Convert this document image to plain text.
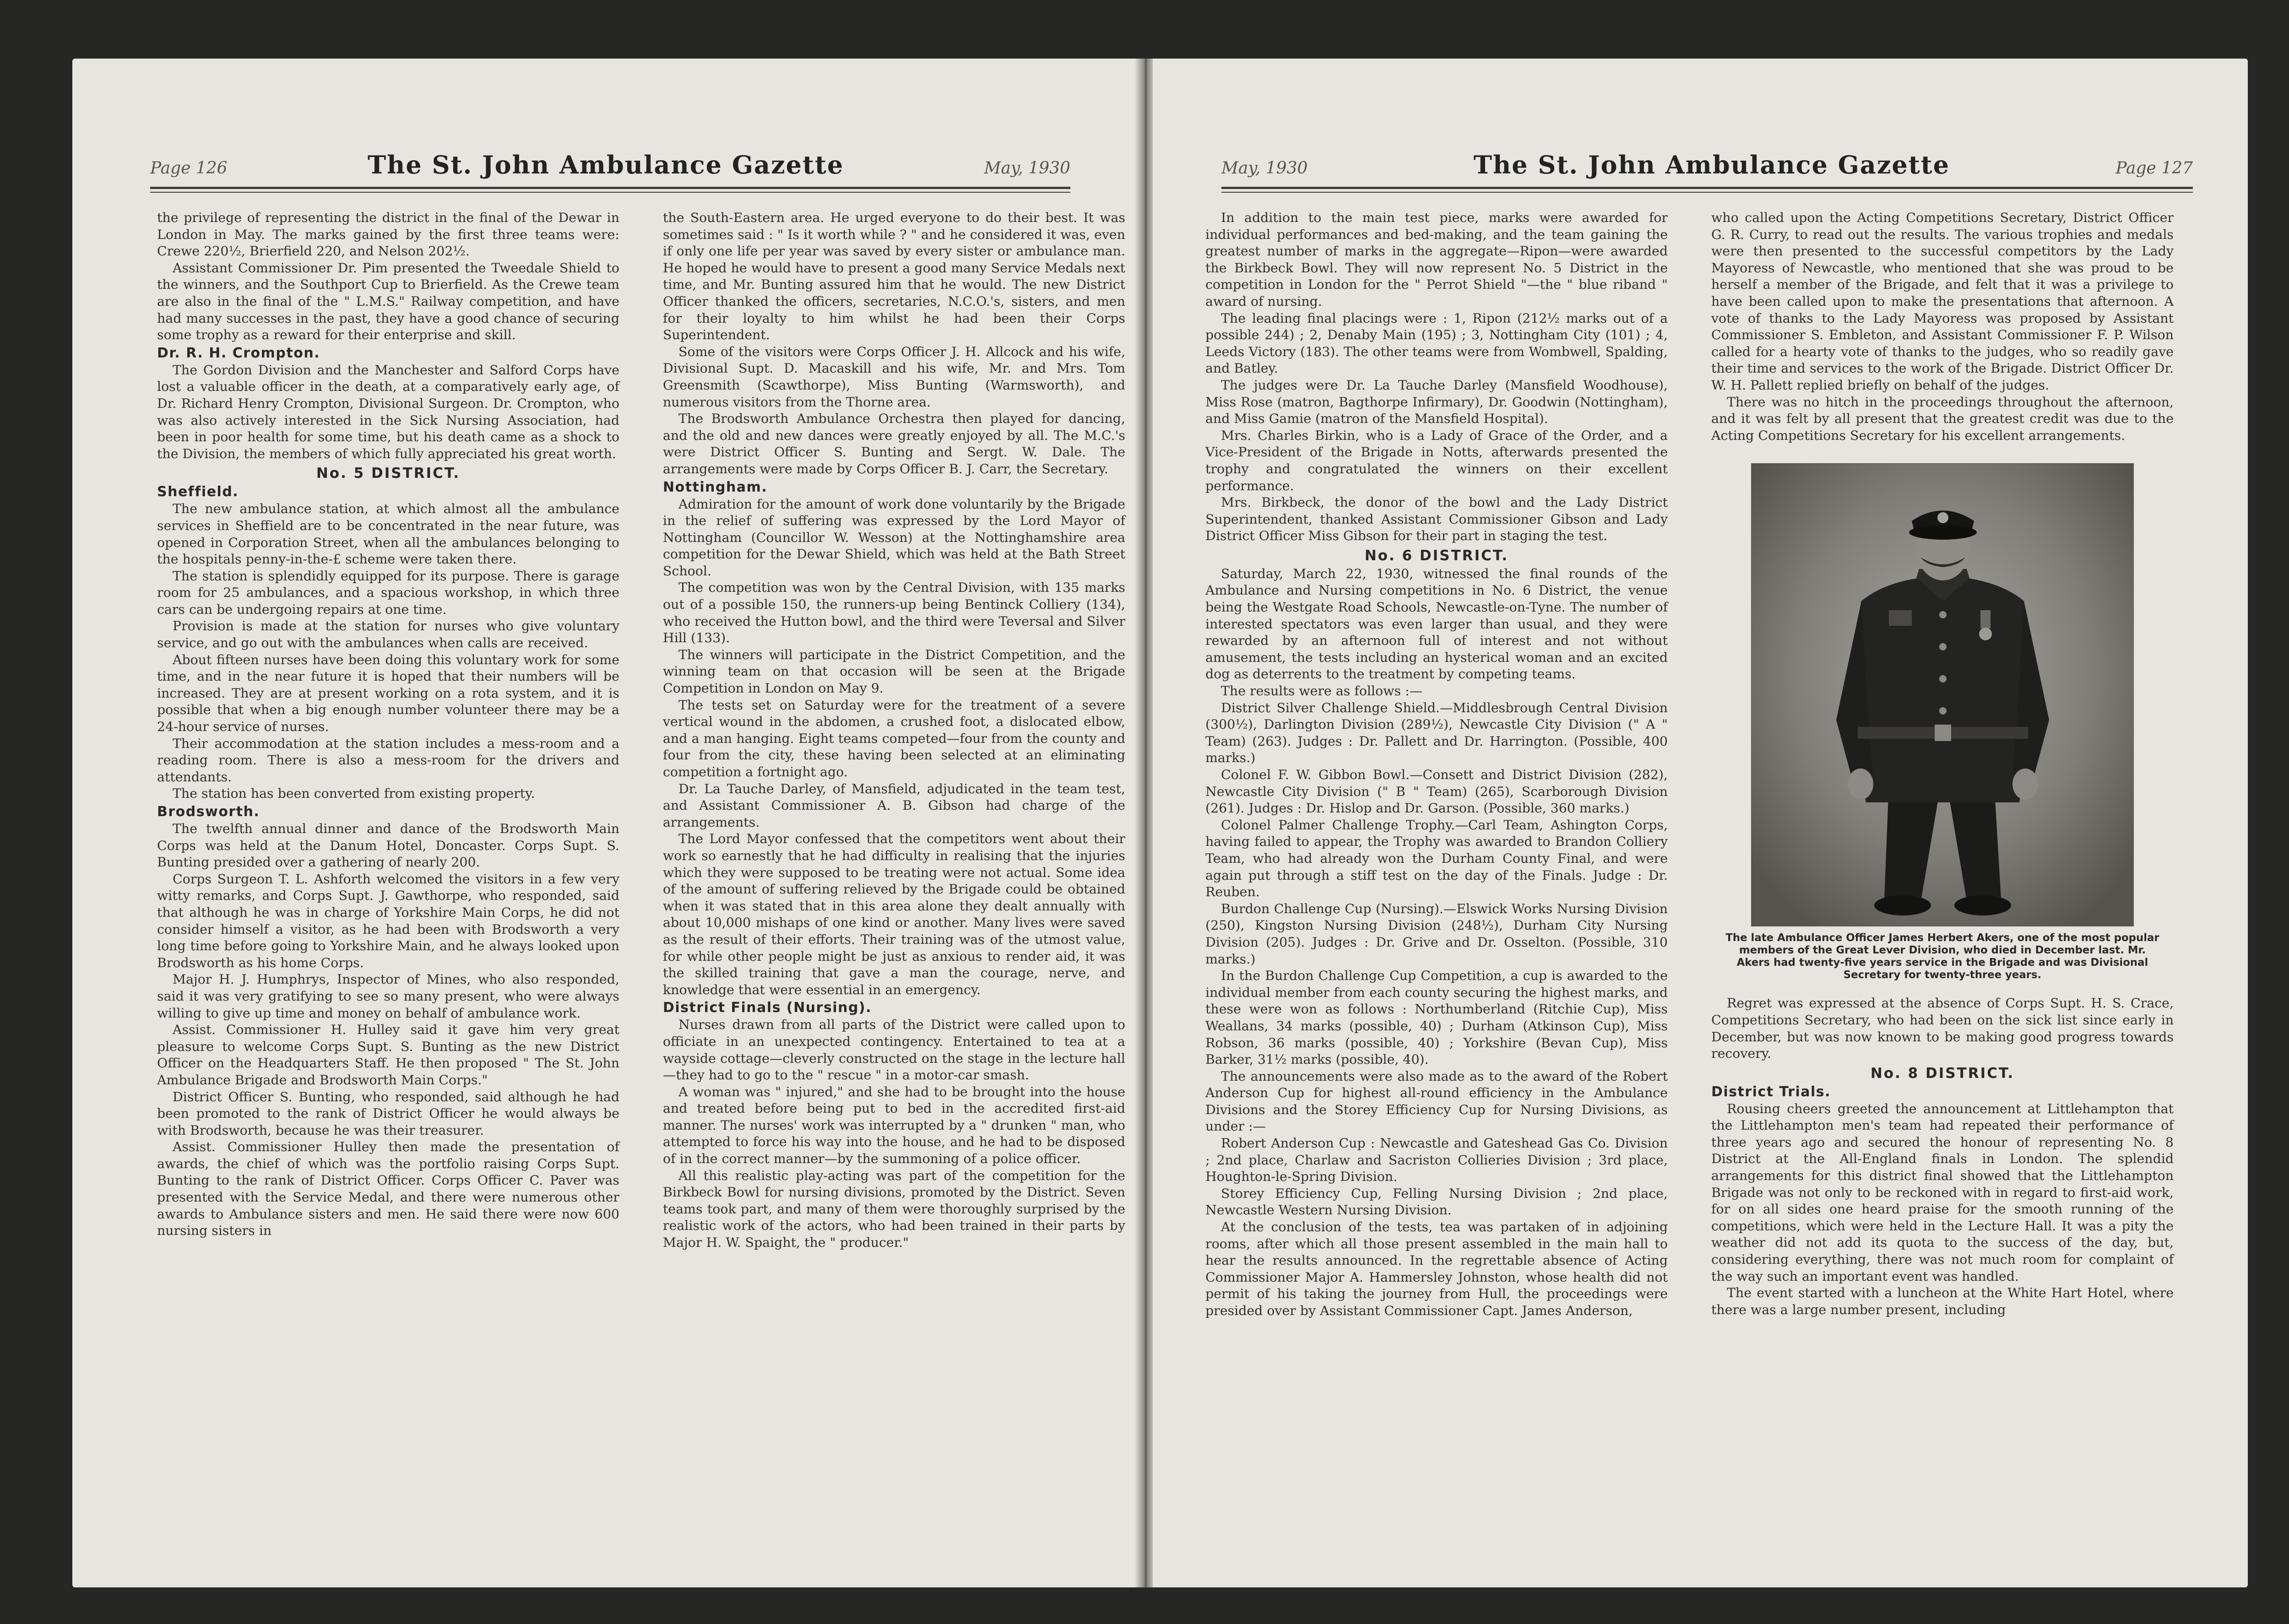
Page 126	The St. John Ambulance Gazette	May, 1930

the privilege of representing the district in the final of the Dewar in London in May. The marks gained by the first three teams were: Crewe 220½, Brierfield 220, and Nelson 202½.

Assistant Commissioner Dr. Pim presented the Tweedale Shield to the winners, and the Southport Cup to Brierfield. As the Crewe team are also in the final of the " L.M.S." Railway competition, and have had many successes in the past, they have a good chance of securing some trophy as a reward for their enterprise and skill.

Dr. R. H. Crompton.

The Gordon Division and the Manchester and Salford Corps have lost a valuable officer in the death, at a comparatively early age, of Dr. Richard Henry Crompton, Divisional Surgeon. Dr. Crompton, who was also actively interested in the Sick Nursing Association, had been in poor health for some time, but his death came as a shock to the Division, the members of which fully appreciated his great worth.

No. 5 DISTRICT.
Sheffield.

The new ambulance station, at which almost all the ambulance services in Sheffield are to be concentrated in the near future, was opened in Corporation Street, when all the ambulances belonging to the hospitals penny-in-the-£ scheme were taken there.

The station is splendidly equipped for its purpose. There is garage room for 25 ambulances, and a spacious workshop, in which three cars can be undergoing repairs at one time.

Provision is made at the station for nurses who give voluntary service, and go out with the ambulances when calls are received.

About fifteen nurses have been doing this voluntary work for some time, and in the near future it is hoped that their numbers will be increased. They are at present working on a rota system, and it is possible that when a big enough number volunteer there may be a 24-hour service of nurses.

Their accommodation at the station includes a mess-room and a reading room. There is also a mess-room for the drivers and attendants.

The station has been converted from existing property.

Brodsworth.

The twelfth annual dinner and dance of the Brodsworth Main Corps was held at the Danum Hotel, Doncaster. Corps Supt. S. Bunting presided over a gathering of nearly 200.

Corps Surgeon T. L. Ashforth welcomed the visitors in a few very witty remarks, and Corps Supt. J. Gawthorpe, who responded, said that although he was in charge of Yorkshire Main Corps, he did not consider himself a visitor, as he had been with Brodsworth a very long time before going to Yorkshire Main, and he always looked upon Brodsworth as his home Corps.

Major H. J. Humphrys, Inspector of Mines, who also responded, said it was very gratifying to see so many present, who were always willing to give up time and money on behalf of ambulance work.

Assist. Commissioner H. Hulley said it gave him very great pleasure to welcome Corps Supt. S. Bunting as the new District Officer on the Headquarters Staff. He then proposed " The St. John Ambulance Brigade and Brodsworth Main Corps."

District Officer S. Bunting, who responded, said although he had been promoted to the rank of District Officer he would always be with Brodsworth, because he was their treasurer.

Assist. Commissioner Hulley then made the presentation of awards, the chief of which was the portfolio raising Corps Supt. Bunting to the rank of District Officer. Corps Officer C. Paver was presented with the Service Medal, and there were numerous other awards to Ambulance sisters and men. He said there were now 600 nursing sisters in

the South-Eastern area. He urged everyone to do their best. It was sometimes said : " Is it worth while ? " and he considered it was, even if only one life per year was saved by every sister or ambulance man. He hoped he would have to present a good many Service Medals next time, and Mr. Bunting assured him that he would. The new District Officer thanked the officers, secretaries, N.C.O.'s, sisters, and men for their loyalty to him whilst he had been their Corps Superintendent.

Some of the visitors were Corps Officer J. H. Allcock and his wife, Divisional Supt. D. Macaskill and his wife, Mr. and Mrs. Tom Greensmith (Scawthorpe), Miss Bunting (Warmsworth), and numerous visitors from the Thorne area.

The Brodsworth Ambulance Orchestra then played for dancing, and the old and new dances were greatly enjoyed by all. The M.C.'s were District Officer S. Bunting and Sergt. W. Dale. The arrangements were made by Corps Officer B. J. Carr, the Secretary.

Nottingham.

Admiration for the amount of work done voluntarily by the Brigade in the relief of suffering was expressed by the Lord Mayor of Nottingham (Councillor W. Wesson) at the Nottinghamshire area competition for the Dewar Shield, which was held at the Bath Street School.

The competition was won by the Central Division, with 135 marks out of a possible 150, the runners-up being Bentinck Colliery (134), who received the Hutton bowl, and the third were Teversal and Silver Hill (133).

The winners will participate in the District Competition, and the winning team on that occasion will be seen at the Brigade Competition in London on May 9.

The tests set on Saturday were for the treatment of a severe vertical wound in the abdomen, a crushed foot, a dislocated elbow, and a man hanging. Eight teams competed—four from the county and four from the city, these having been selected at an eliminating competition a fortnight ago.

Dr. La Tauche Darley, of Mansfield, adjudicated in the team test, and Assistant Commissioner A. B. Gibson had charge of the arrangements.

The Lord Mayor confessed that the competitors went about their work so earnestly that he had difficulty in realising that the injuries which they were supposed to be treating were not actual. Some idea of the amount of suffering relieved by the Brigade could be obtained when it was stated that in this area alone they dealt annually with about 10,000 mishaps of one kind or another. Many lives were saved as the result of their efforts. Their training was of the utmost value, for while other people might be just as anxious to render aid, it was the skilled training that gave a man the courage, nerve, and knowledge that were essential in an emergency.

District Finals (Nursing).

Nurses drawn from all parts of the District were called upon to officiate in an unexpected contingency. Entertained to tea at a wayside cottage—cleverly constructed on the stage in the lecture hall—they had to go to the " rescue " in a motor-car smash.

A woman was " injured," and she had to be brought into the house and treated before being put to bed in the accredited first-aid manner. The nurses' work was interrupted by a " drunken " man, who attempted to force his way into the house, and he had to be disposed of in the correct manner—by the summoning of a police officer.

All this realistic play-acting was part of the competition for the Birkbeck Bowl for nursing divisions, promoted by the District. Seven teams took part, and many of them were thoroughly surprised by the realistic work of the actors, who had been trained in their parts by Major H. W. Spaight, the " producer."

May, 1930	The St. John Ambulance Gazette	Page 127

In addition to the main test piece, marks were awarded for individual performances and bed-making, and the team gaining the greatest number of marks in the aggregate—Ripon—were awarded the Birkbeck Bowl. They will now represent No. 5 District in the competition in London for the " Perrot Shield "—the " blue riband " award of nursing.

The leading final placings were : 1, Ripon (212½ marks out of a possible 244) ; 2, Denaby Main (195) ; 3, Nottingham City (101) ; 4, Leeds Victory (183). The other teams were from Wombwell, Spalding, and Batley.

The judges were Dr. La Tauche Darley (Mansfield Woodhouse), Miss Rose (matron, Bagthorpe Infirmary), Dr. Goodwin (Nottingham), and Miss Gamie (matron of the Mansfield Hospital).

Mrs. Charles Birkin, who is a Lady of Grace of the Order, and a Vice-President of the Brigade in Notts, afterwards presented the trophy and congratulated the winners on their excellent performance.

Mrs. Birkbeck, the donor of the bowl and the Lady District Superintendent, thanked Assistant Commissioner Gibson and Lady District Officer Miss Gibson for their part in staging the test.

No. 6 DISTRICT.

Saturday, March 22, 1930, witnessed the final rounds of the Ambulance and Nursing competitions in No. 6 District, the venue being the Westgate Road Schools, Newcastle-on-Tyne. The number of interested spectators was even larger than usual, and they were rewarded by an afternoon full of interest and not without amusement, the tests including an hysterical woman and an excited dog as deterrents to the treatment by competing teams.

The results were as follows :—

District Silver Challenge Shield.—Middlesbrough Central Division (300½), Darlington Division (289½), Newcastle City Division (" A " Team) (263). Judges : Dr. Pallett and Dr. Harrington. (Possible, 400 marks.)

Colonel F. W. Gibbon Bowl.—Consett and District Division (282), Newcastle City Division (" B " Team) (265), Scarborough Division (261). Judges : Dr. Hislop and Dr. Garson. (Possible, 360 marks.)

Colonel Palmer Challenge Trophy.—Carl Team, Ashington Corps, having failed to appear, the Trophy was awarded to Brandon Colliery Team, who had already won the Durham County Final, and were again put through a stiff test on the day of the Finals. Judge : Dr. Reuben.

Burdon Challenge Cup (Nursing).—Elswick Works Nursing Division (250), Kingston Nursing Division (248½), Durham City Nursing Division (205). Judges : Dr. Grive and Dr. Osselton. (Possible, 310 marks.)

In the Burdon Challenge Cup Competition, a cup is awarded to the individual member from each county securing the highest marks, and these were won as follows : Northumberland (Ritchie Cup), Miss Weallans, 34 marks (possible, 40) ; Durham (Atkinson Cup), Miss Robson, 36 marks (possible, 40) ; Yorkshire (Bevan Cup), Miss Barker, 31½ marks (possible, 40).

The announcements were also made as to the award of the Robert Anderson Cup for highest all-round efficiency in the Ambulance Divisions and the Storey Efficiency Cup for Nursing Divisions, as under :—

Robert Anderson Cup : Newcastle and Gateshead Gas Co. Division ; 2nd place, Charlaw and Sacriston Collieries Division ; 3rd place, Houghton-le-Spring Division.

Storey Efficiency Cup, Felling Nursing Division ; 2nd place, Newcastle Western Nursing Division.

At the conclusion of the tests, tea was partaken of in adjoining rooms, after which all those present assembled in the main hall to hear the results announced. In the regrettable absence of Acting Commissioner Major A. Hammersley Johnston, whose health did not permit of his taking the journey from Hull, the proceedings were presided over by Assistant Commissioner Capt. James Anderson,

who called upon the Acting Competitions Secretary, District Officer G. R. Curry, to read out the results. The various trophies and medals were then presented to the successful competitors by the Lady Mayoress of Newcastle, who mentioned that she was proud to be herself a member of the Brigade, and felt that it was a privilege to have been called upon to make the presentations that afternoon. A vote of thanks to the Lady Mayoress was proposed by Assistant Commissioner S. Embleton, and Assistant Commissioner F. P. Wilson called for a hearty vote of thanks to the judges, who so readily gave their time and services to the work of the Brigade. District Officer Dr. W. H. Pallett replied briefly on behalf of the judges.

There was no hitch in the proceedings throughout the afternoon, and it was felt by all present that the greatest credit was due to the Acting Competitions Secretary for his excellent arrangements.

The late Ambulance Officer James Herbert Akers, one of the most popular members of the Great Lever Division, who died in December last. Mr. Akers had twenty-five years service in the Brigade and was Divisional Secretary for twenty-three years.

Regret was expressed at the absence of Corps Supt. H. S. Crace, Competitions Secretary, who had been on the sick list since early in December, but was now known to be making good progress towards recovery.

No. 8 DISTRICT.
District Trials.

Rousing cheers greeted the announcement at Littlehampton that the Littlehampton men's team had repeated their performance of three years ago and secured the honour of representing No. 8 District at the All-England finals in London. The splendid arrangements for this district final showed that the Littlehampton Brigade was not only to be reckoned with in regard to first-aid work, for on all sides one heard praise for the smooth running of the competitions, which were held in the Lecture Hall. It was a pity the weather did not add its quota to the success of the day, but, considering everything, there was not much room for complaint of the way such an important event was handled.

The event started with a luncheon at the White Hart Hotel, where there was a large number present, including
